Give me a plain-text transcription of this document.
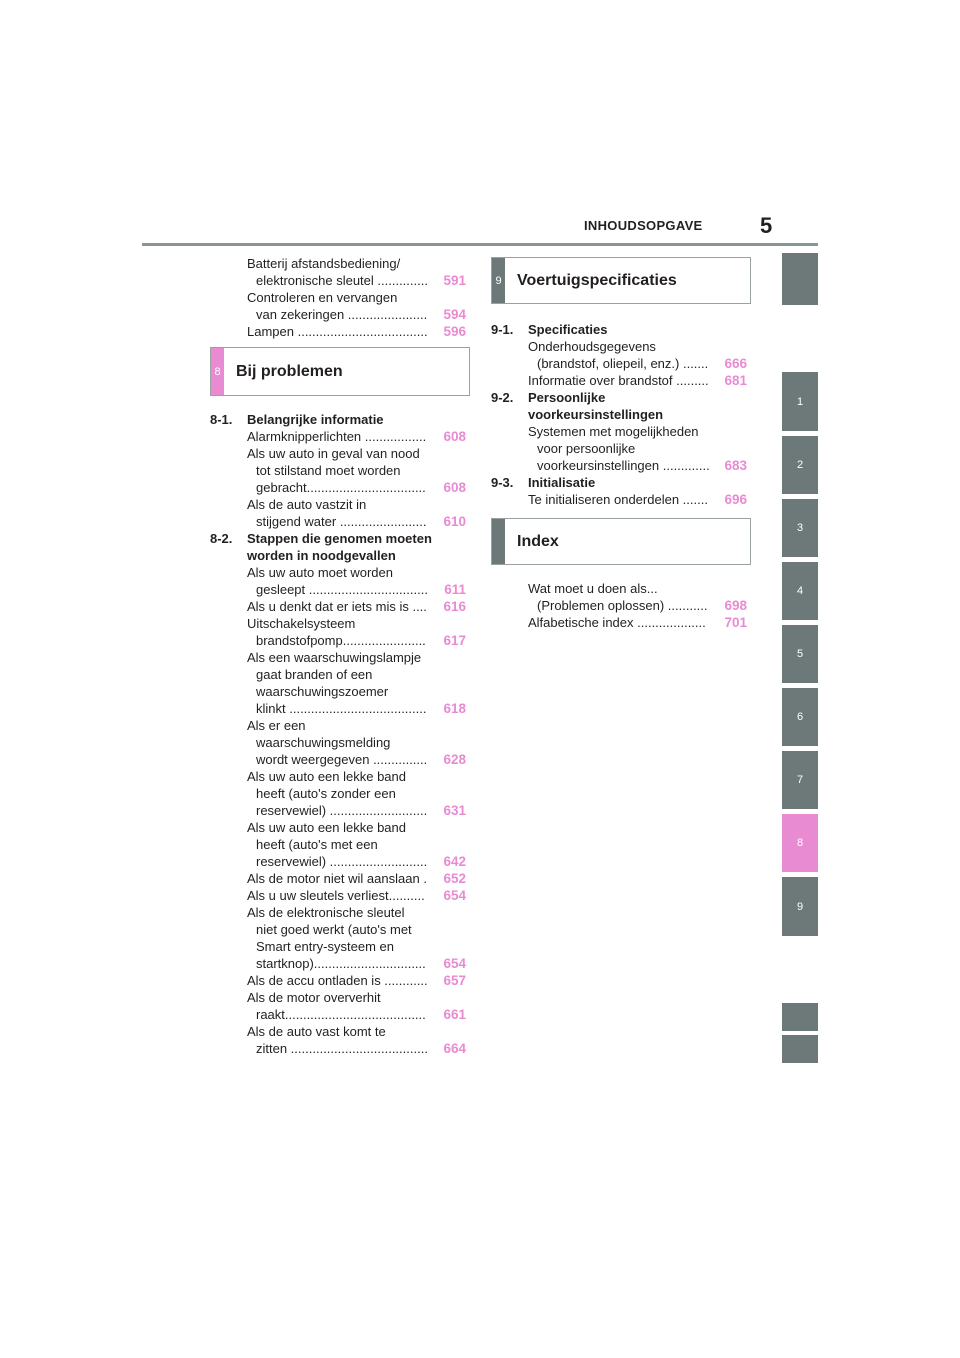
INHOUDSOPGAVE	5
Batterij afstandsbediening/
elektronische sleutel ..............	591
Controleren en vervangen
van zekeringen ......................	594
Lampen ....................................	596
8 Bij problemen
8-1. Belangrijke informatie
Alarmknipperlichten .................	608
Als uw auto in geval van nood
tot stilstand moet worden
gebracht.................................	608
Als de auto vastzit in
stijgend water ........................	610
8-2. Stappen die genomen moeten
worden in noodgevallen
Als uw auto moet worden
gesleept .................................	611
Als u denkt dat er iets mis is ....	616
Uitschakelsysteem
brandstofpomp.......................	617
Als een waarschuwingslampje
gaat branden of een
waarschuwingszoemer
klinkt ......................................	618
Als er een
waarschuwingsmelding
wordt weergegeven ...............	628
Als uw auto een lekke band
heeft (auto's zonder een
reservewiel) ...........................	631
Als uw auto een lekke band
heeft (auto's met een
reservewiel) ...........................	642
Als de motor niet wil aanslaan .	652
Als u uw sleutels verliest..........	654
Als de elektronische sleutel
niet goed werkt (auto's met
Smart entry-systeem en
startknop)...............................	654
Als de accu ontladen is ............	657
Als de motor oververhit
raakt.......................................	661
Als de auto vast komt te
zitten ......................................	664
9 Voertuigspecificaties
9-1. Specificaties
Onderhoudsgegevens
(brandstof, oliepeil, enz.) .......	666
Informatie over brandstof .........	681
9-2. Persoonlijke
voorkeursinstellingen
Systemen met mogelijkheden
voor persoonlijke
voorkeursinstellingen .............	683
9-3. Initialisatie
Te initialiseren onderdelen .......	696
Index
Wat moet u doen als...
(Problemen oplossen) ...........	698
Alfabetische index ...................	701
1
2
3
4
5
6
7
8
9
